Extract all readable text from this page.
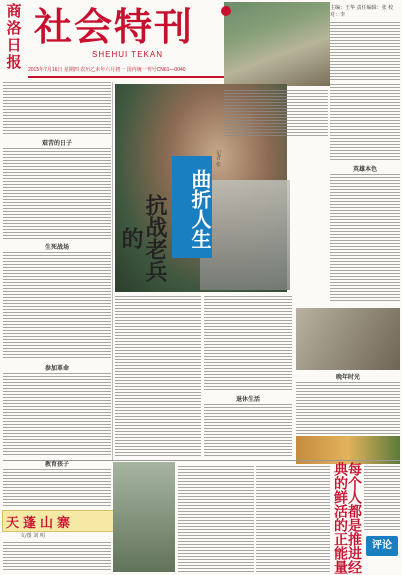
商洛日报
社会特刊
SHEHUI TEKAN
2015年7月16日 星期四 农历乙未年六月初一 国内统一刊号CN61—0040
主编：王华 责任编辑：张 校对：李
艰苦的日子
生死战场
参加革命
教育孩子
曲折人生
抗战老兵的
记者 张
英雄本色
退休生活
晚年时光
天蓬山寨
文/图 刘 明	每个人都是推进经典的鲜活的正能量	评论
